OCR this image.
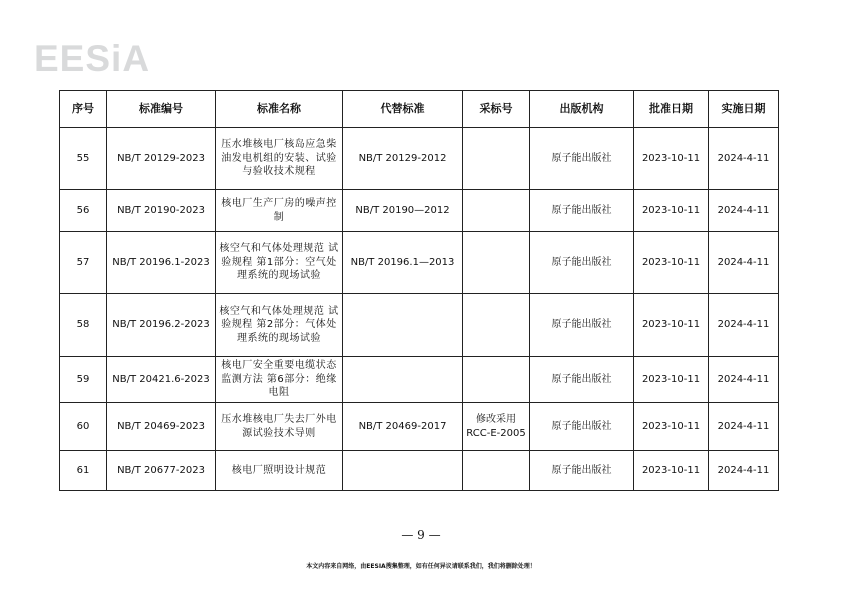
EESiA
序号	标准编号	标准名称	代替标准	采标号	出版机构	批准日期	实施日期
55	NB/T 20129-2023	压水堆核电厂核岛应急柴油发电机组的安装、试验与验收技术规程	NB/T 20129-2012		原子能出版社	2023-10-11	2024-4-11
56	NB/T 20190-2023	核电厂生产厂房的噪声控制	NB/T 20190—2012		原子能出版社	2023-10-11	2024-4-11
57	NB/T 20196.1-2023	核空气和气体处理规范 试验规程 第1部分：空气处理系统的现场试验	NB/T 20196.1—2013		原子能出版社	2023-10-11	2024-4-11
58	NB/T 20196.2-2023	核空气和气体处理规范 试验规程 第2部分：气体处理系统的现场试验			原子能出版社	2023-10-11	2024-4-11
59	NB/T 20421.6-2023	核电厂安全重要电缆状态监测方法 第6部分：绝缘电阻			原子能出版社	2023-10-11	2024-4-11
60	NB/T 20469-2023	压水堆核电厂失去厂外电源试验技术导则	NB/T 20469-2017	修改采用RCC-E-2005	原子能出版社	2023-10-11	2024-4-11
61	NB/T 20677-2023	核电厂照明设计规范			原子能出版社	2023-10-11	2024-4-11
— 9 —
本文内容来自网络，由EESIA搜集整理，如有任何异议请联系我们，我们将删除处理！
